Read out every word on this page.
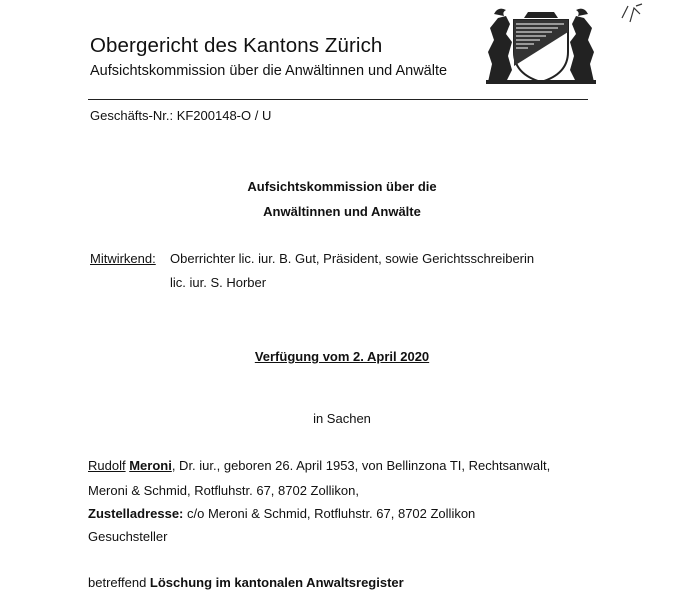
Obergericht des Kantons Zürich
Aufsichtskommission über die Anwältinnen und Anwälte
Geschäfts-Nr.: KF200148-O / U
Aufsichtskommission über die
Anwältinnen und Anwälte
Mitwirkend: Oberrichter lic. iur. B. Gut, Präsident, sowie Gerichtsschreiberin
lic. iur. S. Horber
Verfügung vom 2. April 2020
in Sachen
Rudolf Meroni, Dr. iur., geboren 26. April 1953, von Bellinzona TI, Rechtsanwalt,
Meroni & Schmid, Rotfluhstr. 67, 8702 Zollikon,
Zustelladresse: c/o Meroni & Schmid, Rotfluhstr. 67, 8702 Zollikon
Gesuchsteller
betreffend Löschung im kantonalen Anwaltsregister
